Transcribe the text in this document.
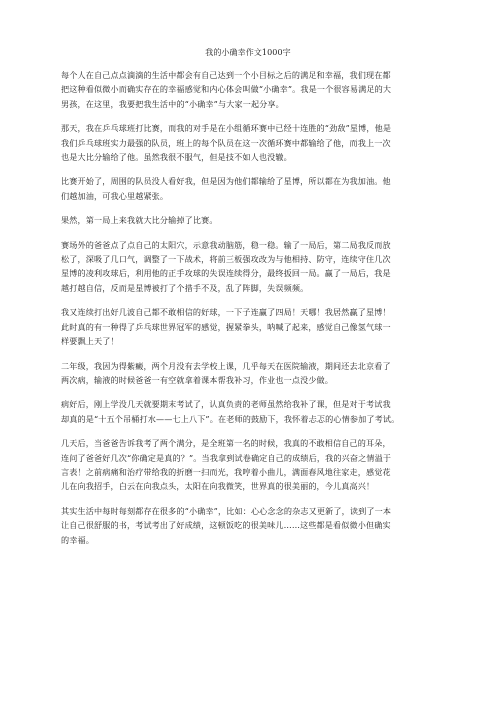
我的小确幸作文1000字

每个人在自己点点滴滴的生活中都会有自己达到一个小目标之后的满足和幸福，我们现在都
把这种看似微小而确实存在的幸福感觉和内心体会叫做“小确幸”。我是一个很容易满足的大
男孩，在这里，我要把我生活中的“小确幸”与大家一起分享。

那天，我在乒乓球班打比赛，而我的对手是在小组循环赛中已经十连胜的“劲敌”星博，他是
我们乒乓球班实力最强的队员，班上的每个队员在这一次循环赛中都输给了他，而我上一次
也是大比分输给了他。虽然我很不服气，但是技不如人也没辙。

比赛开始了，周围的队员没人看好我，但是因为他们都输给了星博，所以都在为我加油。他
们越加油，可我心里越紧张。

果然，第一局上来我就大比分输掉了比赛。

赛场外的爸爸点了点自己的太阳穴，示意我动脑筋，稳一稳。输了一局后，第二局我反而放
松了，深吸了几口气，调整了一下战术，将前三板强攻改为与他相持、防守，连续守住几次
星博的凌利攻球后，利用他的正手攻球的失误连续得分，最终扳回一局。赢了一局后，我是
越打越自信，反而是星博被打了个措手不及，乱了阵脚，失误频频。

我又连续打出好几波自己都不敢相信的好球，一下子连赢了四局！天哪！我居然赢了星博！
此时真的有一种得了乒乓球世界冠军的感觉，握紧拳头，呐喊了起来，感觉自己像氢气球一
样要飘上天了！

二年级，我因为得紫癜，两个月没有去学校上课，几乎每天在医院输液，期间还去北京看了
两次病，输液的时候爸爸一有空就拿着课本帮我补习，作业也一点没少做。

病好后，刚上学没几天就要期末考试了，认真负责的老师虽然给我补了课，但是对于考试我
却真的是“十五个吊桶打水——七上八下”。在老师的鼓励下，我怀着忐忑的心情参加了考试。

几天后，当爸爸告诉我考了两个满分，是全班第一名的时候，我真的不敢相信自己的耳朵，
连问了爸爸好几次“你确定是真的？”。当我拿到试卷确定自己的成绩后，我的兴奋之情溢于
言表！之前病痛和治疗带给我的折磨一扫而光，我哼着小曲儿，满面春风地往家走，感觉花
儿在向我招手，白云在向我点头，太阳在向我微笑，世界真的很美丽的，今儿真高兴！

其实生活中每时每刻都存在很多的“小确幸”，比如：心心念念的杂志又更新了，读到了一本
让自己很舒服的书，考试考出了好成绩，这顿饭吃的很美味儿……这些都是看似微小但确实
的幸福。
